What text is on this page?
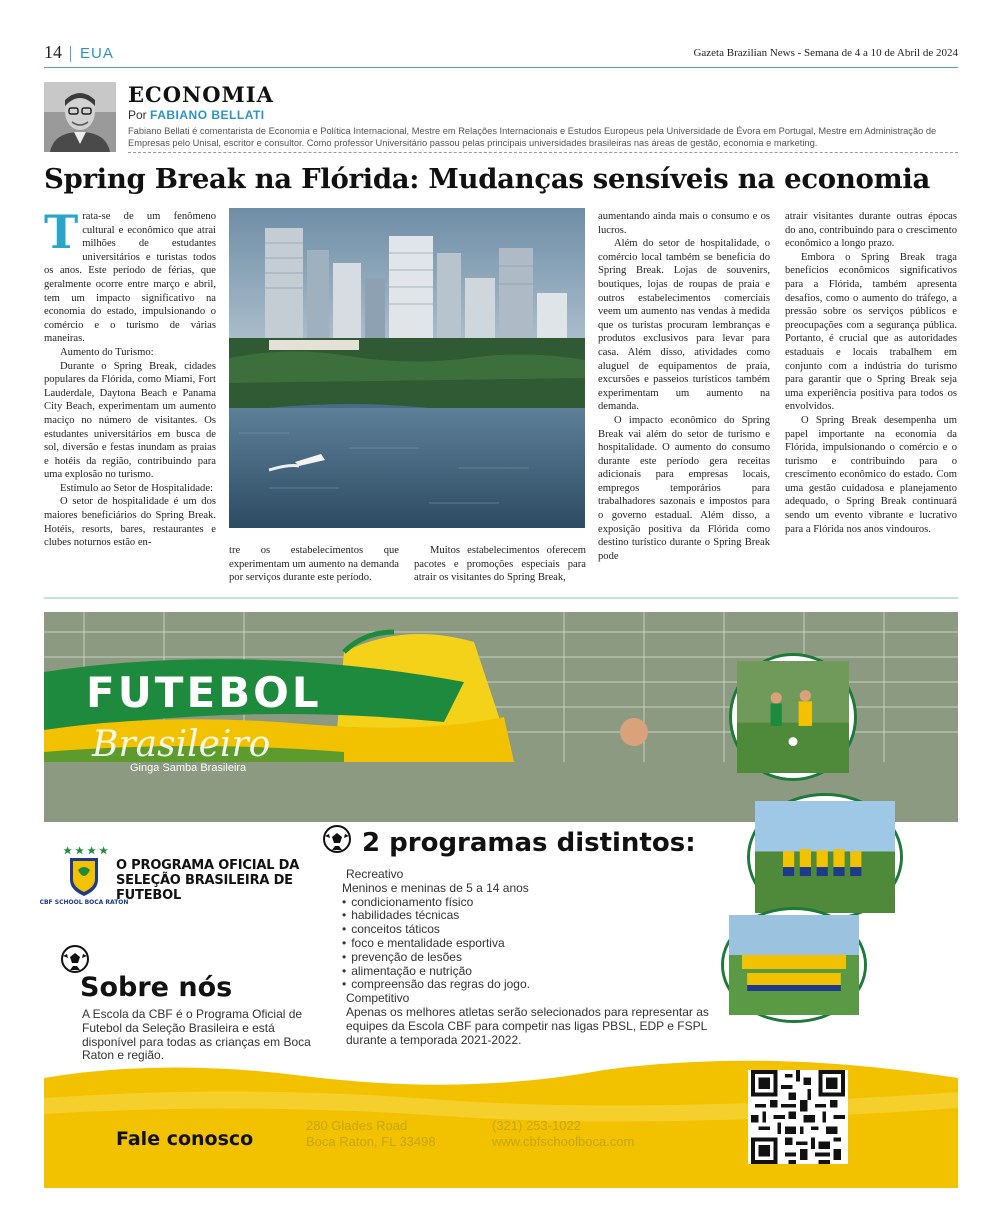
14 EUA	Gazeta Brazilian News - Semana de 4 a 10 de Abril de 2024
ECONOMIA
Por FABIANO BELLATI
Fabiano Bellati é comentarista de Economia e Política Internacional, Mestre em Relações Internacionais e Estudos Europeus pela Universidade de Évora em Portugal, Mestre em Administração de Empresas pelo Unisal, escritor e consultor. Como professor Universitário passou pelas principais universidades brasileiras nas áreas de gestão, economia e marketing.
Spring Break na Flórida: Mudanças sensíveis na economia

Trata-se de um fenômeno cultural e econômico que atrai milhões de estudantes universitários e turistas todos os anos. Este período de férias, que geralmente ocorre entre março e abril, tem um impacto significativo na economia do estado, impulsionando o comércio e o turismo de várias maneiras.

Aumento do Turismo:

Durante o Spring Break, cidades populares da Flórida, como Miami, Fort Lauderdale, Daytona Beach e Panama City Beach, experimentam um aumento maciço no número de visitantes. Os estudantes universitários em busca de sol, diversão e festas inundam as praias e hotéis da região, contribuindo para uma explosão no turismo.

Estímulo ao Setor de Hospitalidade:

O setor de hospitalidade é um dos maiores beneficiários do Spring Break. Hotéis, resorts, bares, restaurantes e clubes noturnos estão en-

tre os estabelecimentos que experimentam um aumento na demanda por serviços durante este período.

Muitos estabelecimentos oferecem pacotes e promoções especiais para atrair os visitantes do Spring Break,

aumentando ainda mais o consumo e os lucros.

Além do setor de hospitalidade, o comércio local também se beneficia do Spring Break. Lojas de souvenirs, boutiques, lojas de roupas de praia e outros estabelecimentos comerciais veem um aumento nas vendas à medida que os turistas procuram lembranças e produtos exclusivos para levar para casa. Além disso, atividades como aluguel de equipamentos de praia, excursões e passeios turísticos também experimentam um aumento na demanda.

O impacto econômico do Spring Break vai além do setor de turismo e hospitalidade. O aumento do consumo durante este período gera receitas adicionais para empresas locais, empregos temporários para trabalhadores sazonais e impostos para o governo estadual. Além disso, a exposição positiva da Flórida como destino turístico durante o Spring Break pode

atrair visitantes durante outras épocas do ano, contribuindo para o crescimento econômico a longo prazo.

Embora o Spring Break traga benefícios econômicos significativos para a Flórida, também apresenta desafios, como o aumento do tráfego, a pressão sobre os serviços públicos e preocupações com a segurança pública. Portanto, é crucial que as autoridades estaduais e locais trabalhem em conjunto com a indústria do turismo para garantir que o Spring Break seja uma experiência positiva para todos os envolvidos.

O Spring Break desempenha um papel importante na economia da Flórida, impulsionando o comércio e o turismo e contribuindo para o crescimento econômico do estado. Com uma gestão cuidadosa e planejamento adequado, o Spring Break continuará sendo um evento vibrante e lucrativo para a Flórida nos anos vindouros.

FUTEBOL
Brasileiro
Ginga Samba Brasileira
CBF SCHOOL BOCA RATON
O PROGRAMA OFICIAL DA SELEÇÃO BRASILEIRA DE FUTEBOL
2 programas distintos:
Recreativo
Meninos e meninas de 5 a 14 anos
• condicionamento físico
• habilidades técnicas
• conceitos táticos
• foco e mentalidade esportiva
• prevenção de lesões
• alimentação e nutrição
• compreensão das regras do jogo.
Competitivo
Apenas os melhores atletas serão selecionados para representar as equipes da Escola CBF para competir nas ligas PBSL, EDP e FSPL durante a temporada 2021-2022.
Sobre nós
A Escola da CBF é o Programa Oficial de Futebol da Seleção Brasileira e está disponível para todas as crianças em Boca Raton e região.
Fale conosco
280 Glades Road
Boca Raton, FL 33498
(321) 253-1022
www.cbfschoolboca.com
